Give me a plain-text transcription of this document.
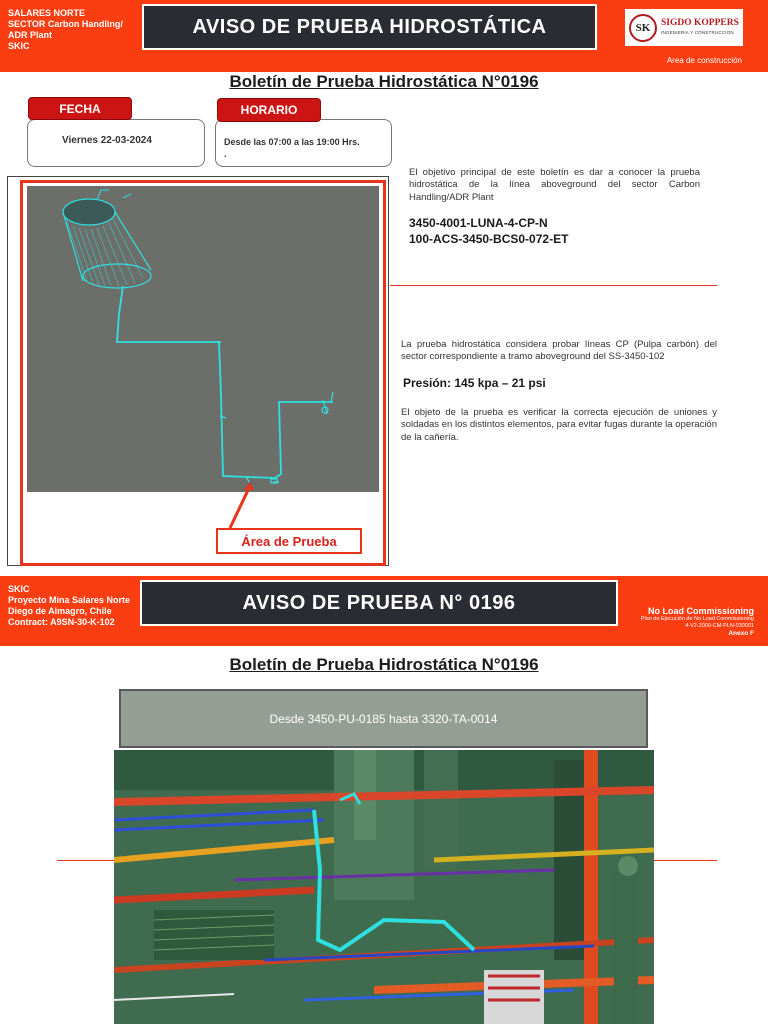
SALARES NORTE
SECTOR Carbon Handling/
ADR Plant
SKIC
AVISO DE PRUEBA HIDROSTÁTICA	SK	SIGDO KOPPERS
INGENIERIA Y CONSTRUCCION
Area de construcción
Boletín de Prueba Hidrostática N°0196
FECHA
Viernes 22-03-2024
HORARIO
Desde las 07:00 a las 19:00 Hrs.
.
Área de Prueba
El objetivo principal de este boletín es dar a conocer la prueba hidrostática de la línea aboveground del sector Carbon Handling/ADR Plant
3450-4001-LUNA-4-CP-N
100-ACS-3450-BCS0-072-ET
La prueba hidrostática considera probar líneas CP (Pulpa carbón) del sector correspondiente a tramo aboveground del SS-3450-102
Presión: 145 kpa – 21 psi
El objeto de la prueba es verificar la correcta ejecución de uniones y soldadas en los distintos elementos, para evitar fugas durante la operación de la cañería.
SKIC
Proyecto Mina Salares Norte
Diego de Almagro, Chile
Contract: A9SN-30-K-102
AVISO DE PRUEBA N° 0196	No Load Commissioning
Plan de Ejecución de No Load Commissioning
4-V2-2000-CM-PLN-030001
Anexo F
Boletín de Prueba Hidrostática N°0196
Desde 3450-PU-0185 hasta 3320-TA-0014
